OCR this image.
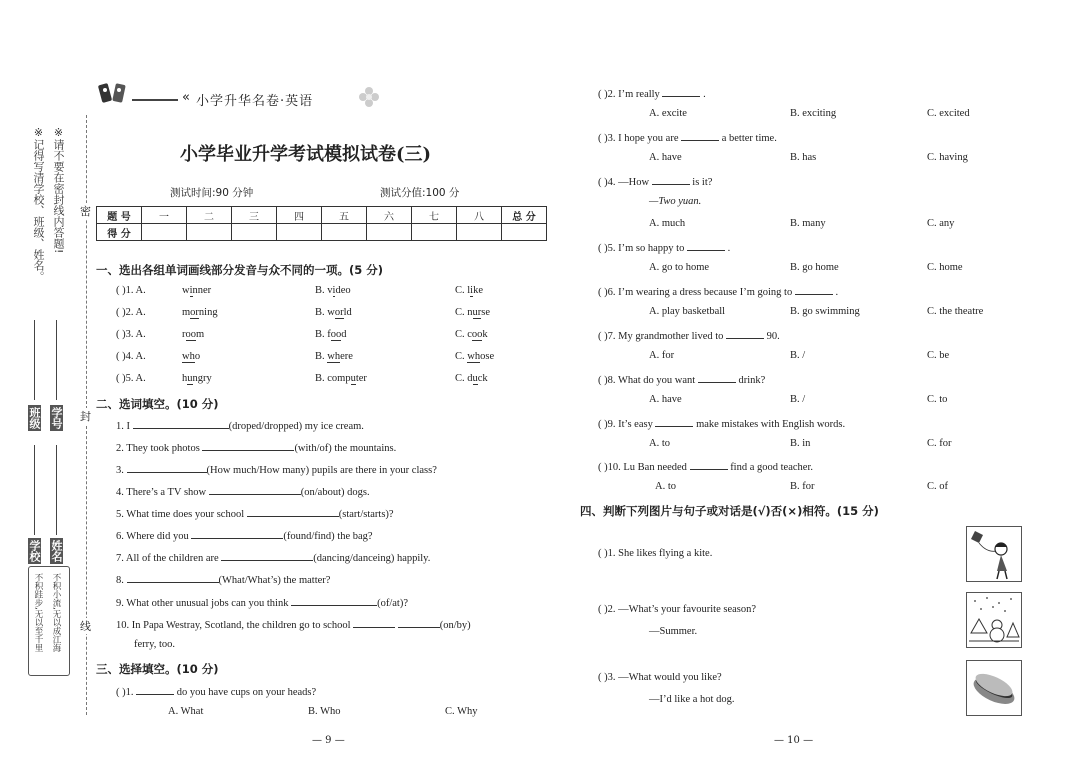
※请不要在密封线内答题!
※记得写清学校、班级、姓名。
班级 学号
学校 姓名
不积跬步,无以至千里 不积小流,无以成江海
密
封
线
« 小学升华名卷·英语
小学毕业升学考试模拟试卷(三)
测试时间:90 分钟	测试分值:100 分
题 号	一	二	三	四	五	六	七	八	总 分
得 分									
一、选出各组单词画线部分发音与众不同的一项。(5 分)
( )1. A.	winner	B. video	C. like
( )2. A.	morning	B. world	C. nurse
( )3. A.	room	B. food	C. cook
( )4. A.	who	B. where	C. whose
( )5. A.	hungry	B. computer	C. duck
二、选词填空。(10 分)
1. I	(droped/dropped) my ice cream.
2. They took photos	(with/of) the mountains.
3.	(How much/How many) pupils are there in your class?
4. There’s a TV show	(on/about) dogs.
5. What time does your school	(start/starts)?
6. Where did you	(found/find) the bag?
7. All of the children are	(dancing/danceing) happily.
8.	(What/What’s) the matter?
9. What other unusual jobs can you think	(of/at)?
10. In Papa Westray, Scotland, the children go to school	(on/by)
ferry, too.
三、选择填空。(10 分)
( )1.	do you have cups on your heads?
A. What	B. Who	C. Why
— 9 —
( )2. I’m really	.
A. excite	B. exciting	C. excited
( )3. I hope you are	a better time.
A. have	B. has	C. having
( )4. —How	is it?
—Two yuan.
A. much	B. many	C. any
( )5. I’m so happy to	.
A. go to home	B. go home	C. home
( )6. I’m wearing a dress because I’m going to	.
A. play basketball	B. go swimming	C. the theatre
( )7. My grandmother lived to	90.
A. for	B. /	C. be
( )8. What do you want	drink?
A. have	B. /	C. to
( )9. It’s easy	make mistakes with English words.
A. to	B. in	C. for
( )10. Lu Ban needed	find a good teacher.
A. to	B. for	C. of
四、判断下列图片与句子或对话是(√)否(×)相符。(15 分)
( )1. She likes flying a kite.
( )2. —What’s your favourite season?
—Summer.
( )3. —What would you like?
—I’d like a hot dog.
— 10 —
